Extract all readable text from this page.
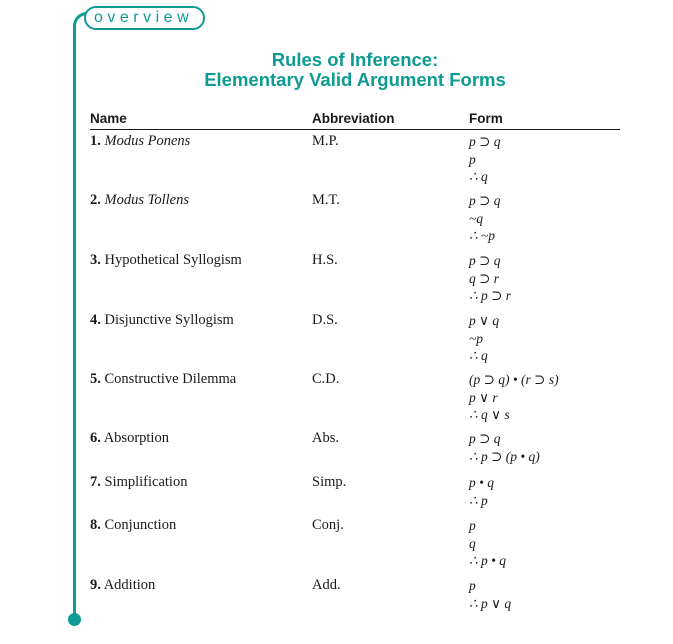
overview
Rules of Inference:
Elementary Valid Argument Forms
Name	Abbreviation	Form
1. Modus Ponens	M.P.	p ⊃ q
p
∴ q
2. Modus Tollens	M.T.	p ⊃ q
~q
∴ ~p
3. Hypothetical Syllogism	H.S.	p ⊃ q
q ⊃ r
∴ p ⊃ r
4. Disjunctive Syllogism	D.S.	p ∨ q
~p
∴ q
5. Constructive Dilemma	C.D.	(p ⊃ q) • (r ⊃ s)
p ∨ r
∴ q ∨ s
6. Absorption	Abs.	p ⊃ q
∴ p ⊃ (p • q)
7. Simplification	Simp.	p • q
∴ p
8. Conjunction	Conj.	p
q
∴ p • q
9. Addition	Add.	p
∴ p ∨ q
